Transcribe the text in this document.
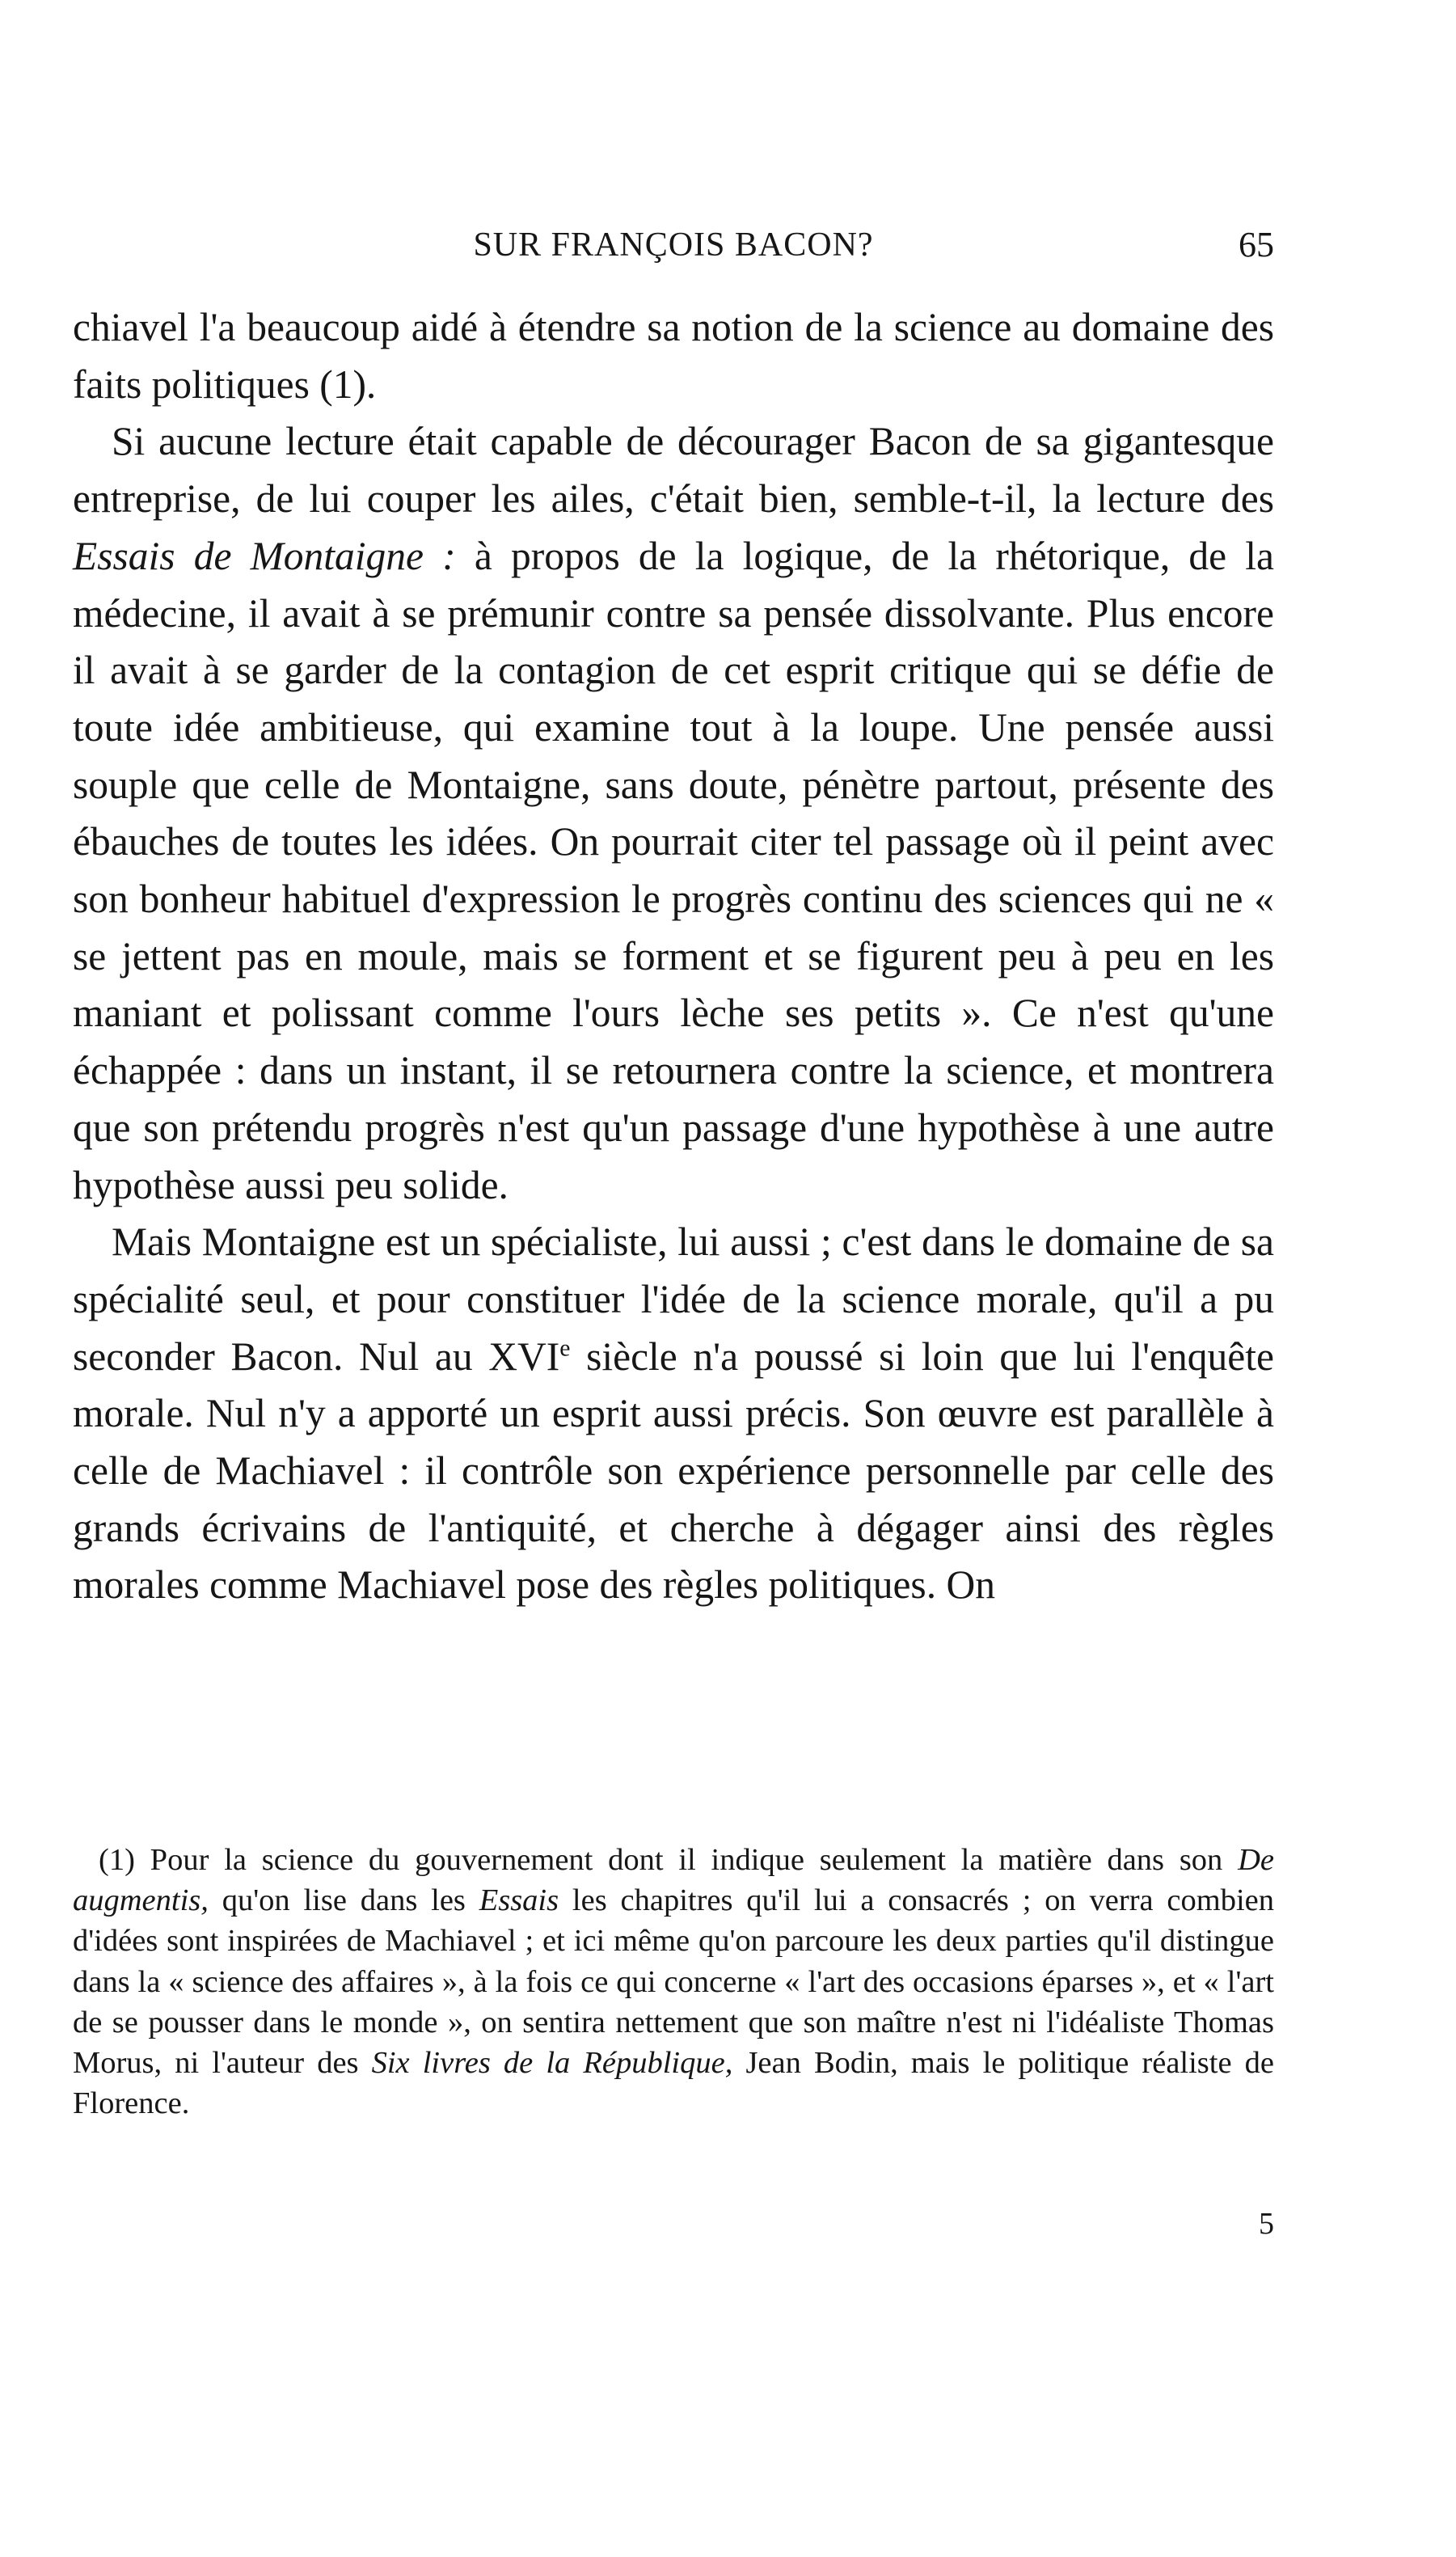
SUR FRANÇOIS BACON?	65

chiavel l'a beaucoup aidé à étendre sa notion de la science au domaine des faits politiques (1).

Si aucune lecture était capable de décourager Bacon de sa gigantesque entreprise, de lui couper les ailes, c'était bien, semble-t-il, la lecture des Essais de Montaigne : à propos de la logique, de la rhétorique, de la médecine, il avait à se prémunir contre sa pensée dissolvante. Plus encore il avait à se garder de la contagion de cet esprit critique qui se défie de toute idée ambitieuse, qui examine tout à la loupe. Une pensée aussi souple que celle de Montaigne, sans doute, pénètre partout, présente des ébauches de toutes les idées. On pourrait citer tel passage où il peint avec son bonheur habituel d'expression le progrès continu des sciences qui ne « se jettent pas en moule, mais se forment et se figurent peu à peu en les maniant et polissant comme l'ours lèche ses petits ». Ce n'est qu'une échappée : dans un instant, il se retournera contre la science, et montrera que son prétendu progrès n'est qu'un passage d'une hypothèse à une autre hypothèse aussi peu solide.

Mais Montaigne est un spécialiste, lui aussi ; c'est dans le domaine de sa spécialité seul, et pour constituer l'idée de la science morale, qu'il a pu seconder Bacon. Nul au XVIe siècle n'a poussé si loin que lui l'enquête morale. Nul n'y a apporté un esprit aussi précis. Son œuvre est parallèle à celle de Machiavel : il contrôle son expérience personnelle par celle des grands écrivains de l'antiquité, et cherche à dégager ainsi des règles morales comme Machiavel pose des règles politiques. On

(1) Pour la science du gouvernement dont il indique seulement la matière dans son De augmentis, qu'on lise dans les Essais les chapitres qu'il lui a consacrés ; on verra combien d'idées sont inspirées de Machiavel ; et ici même qu'on parcoure les deux parties qu'il distingue dans la « science des affaires », à la fois ce qui concerne « l'art des occasions éparses », et « l'art de se pousser dans le monde », on sentira nettement que son maître n'est ni l'idéaliste Thomas Morus, ni l'auteur des Six livres de la République, Jean Bodin, mais le politique réaliste de Florence.

5
